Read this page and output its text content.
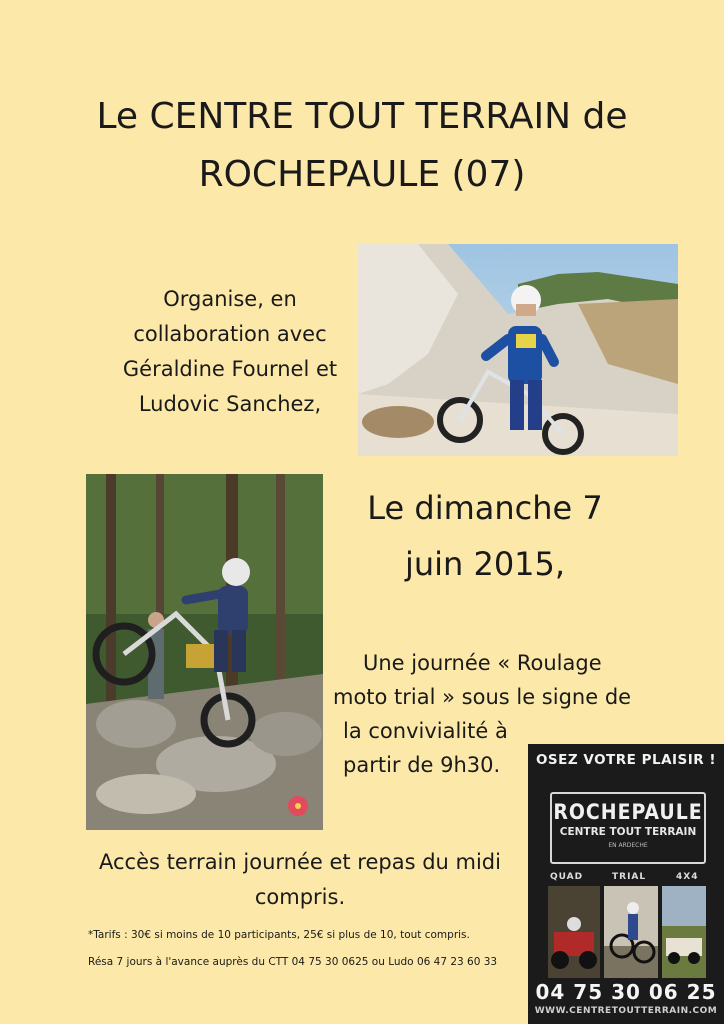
Le CENTRE TOUT TERRAIN de
ROCHEPAULE (07)
Organise, en
collaboration avec
Géraldine Fournel et
Ludovic Sanchez,
Le dimanche 7
juin 2015,
Une journée « Roulage
moto trial » sous le signe de
la convivialité à
partir de 9h30.
Accès terrain journée et repas du midi
compris.
*Tarifs : 30€ si moins de 10 participants, 25€ si plus de 10, tout compris.
Résa 7 jours à l'avance auprès du CTT 04 75 30 0625 ou Ludo 06 47 23 60 33
OSEZ VOTRE PLAISIR !
ROCHEPAULE
CENTRE TOUT TERRAIN
EN ARDECHE
QUAD	TRIAL	4X4
04 75 30 06 25
WWW.CENTRETOUTTERRAIN.COM
